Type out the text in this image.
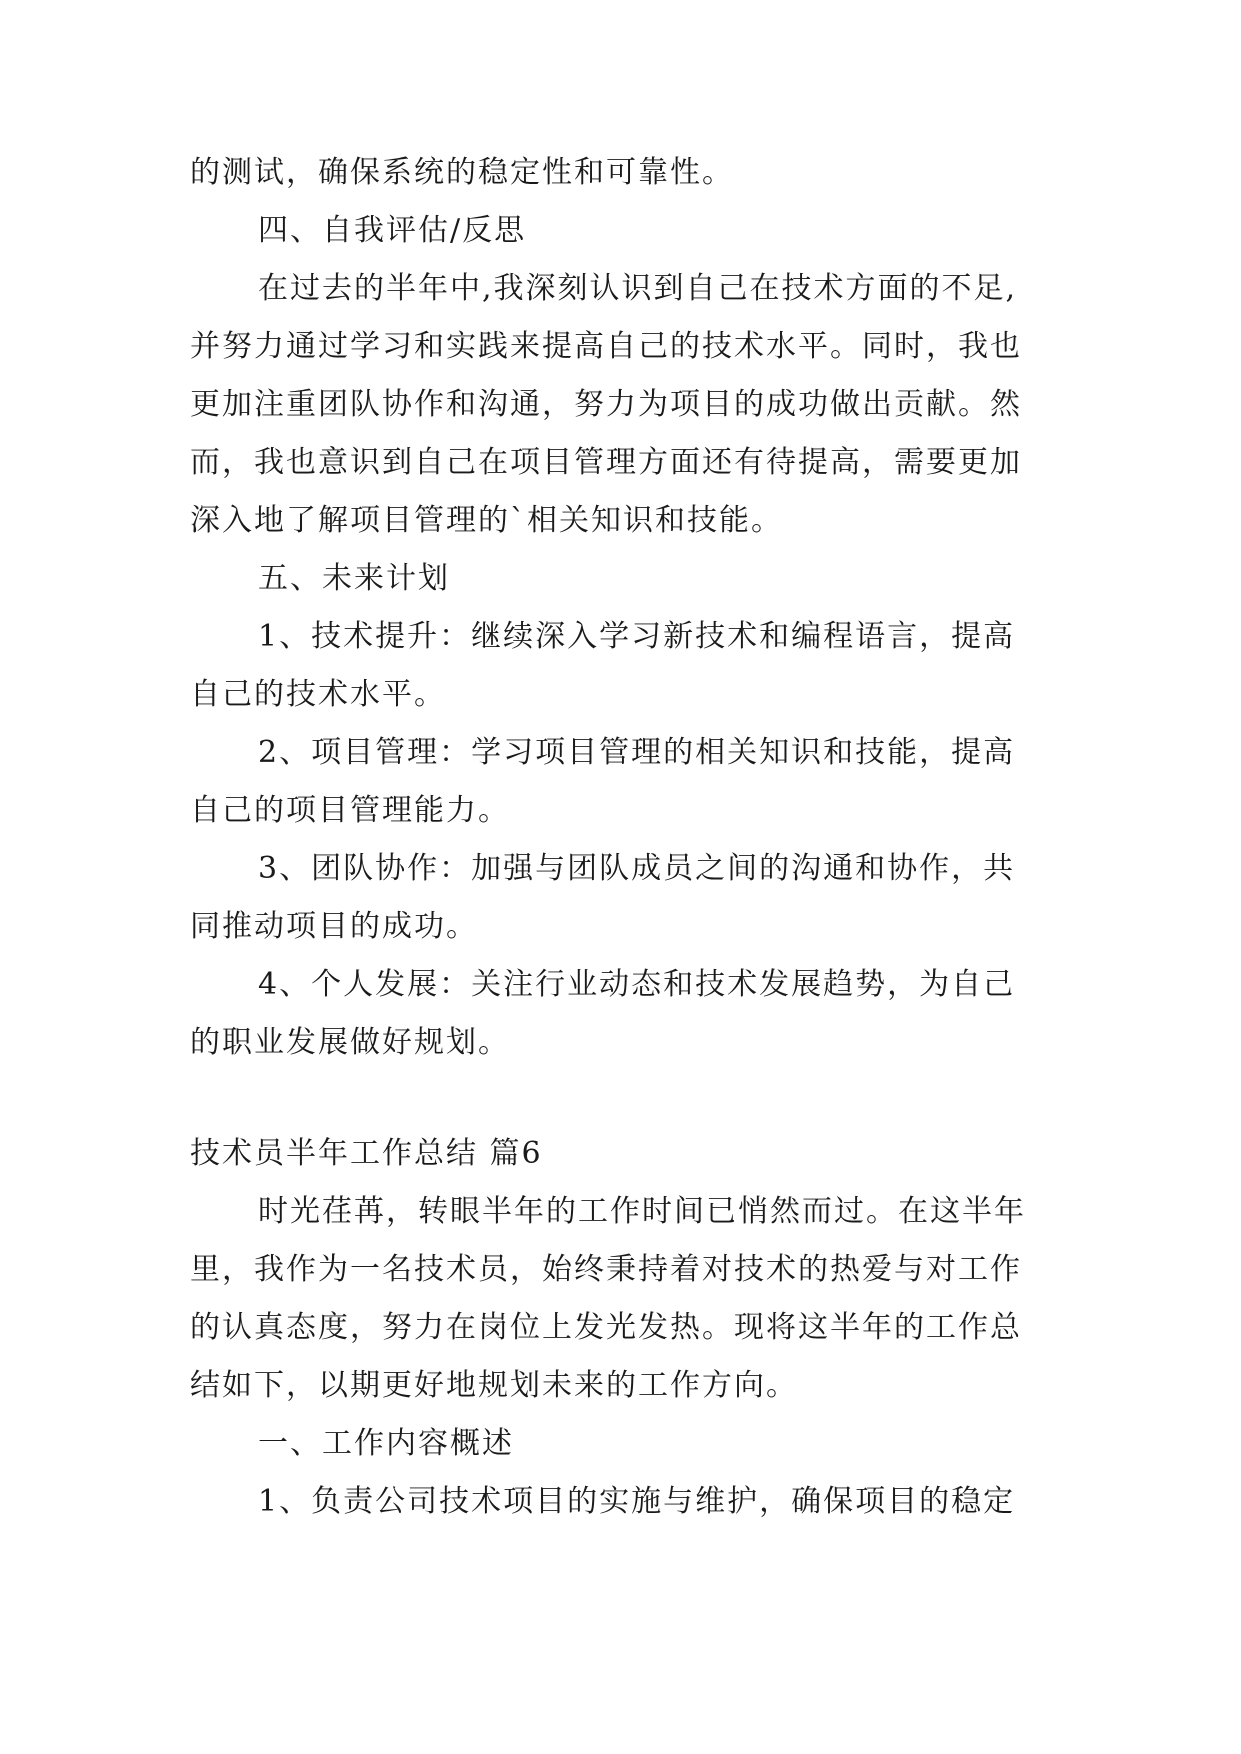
的测试，确保系统的稳定性和可靠性。
四、自我评估/反思
在过去的半年中,我深刻认识到自己在技术方面的不足,
并努力通过学习和实践来提高自己的技术水平。同时，我也
更加注重团队协作和沟通，努力为项目的成功做出贡献。然
而，我也意识到自己在项目管理方面还有待提高，需要更加
深入地了解项目管理的`相关知识和技能。
五、未来计划
1、技术提升：继续深入学习新技术和编程语言，提高
自己的技术水平。
2、项目管理：学习项目管理的相关知识和技能，提高
自己的项目管理能力。
3、团队协作：加强与团队成员之间的沟通和协作，共
同推动项目的成功。
4、个人发展：关注行业动态和技术发展趋势，为自己
的职业发展做好规划。
技术员半年工作总结 篇6
时光荏苒，转眼半年的工作时间已悄然而过。在这半年
里，我作为一名技术员，始终秉持着对技术的热爱与对工作
的认真态度，努力在岗位上发光发热。现将这半年的工作总
结如下，以期更好地规划未来的工作方向。
一、工作内容概述
1、负责公司技术项目的实施与维护，确保项目的稳定
